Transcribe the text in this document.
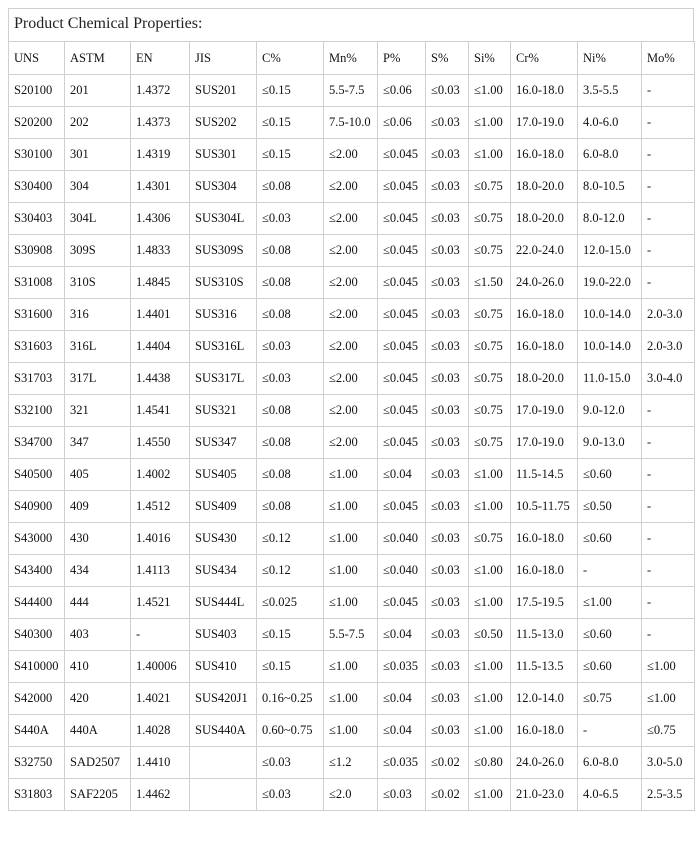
Product Chemical Properties:
UNS	ASTM	EN	JIS	C%	Mn%	P%	S%	Si%	Cr%	Ni%	Mo%
S20100	201	1.4372	SUS201	≤0.15	5.5-7.5	≤0.06	≤0.03	≤1.00	16.0-18.0	3.5-5.5	-
S20200	202	1.4373	SUS202	≤0.15	7.5-10.0	≤0.06	≤0.03	≤1.00	17.0-19.0	4.0-6.0	-
S30100	301	1.4319	SUS301	≤0.15	≤2.00	≤0.045	≤0.03	≤1.00	16.0-18.0	6.0-8.0	-
S30400	304	1.4301	SUS304	≤0.08	≤2.00	≤0.045	≤0.03	≤0.75	18.0-20.0	8.0-10.5	-
S30403	304L	1.4306	SUS304L	≤0.03	≤2.00	≤0.045	≤0.03	≤0.75	18.0-20.0	8.0-12.0	-
S30908	309S	1.4833	SUS309S	≤0.08	≤2.00	≤0.045	≤0.03	≤0.75	22.0-24.0	12.0-15.0	-
S31008	310S	1.4845	SUS310S	≤0.08	≤2.00	≤0.045	≤0.03	≤1.50	24.0-26.0	19.0-22.0	-
S31600	316	1.4401	SUS316	≤0.08	≤2.00	≤0.045	≤0.03	≤0.75	16.0-18.0	10.0-14.0	2.0-3.0
S31603	316L	1.4404	SUS316L	≤0.03	≤2.00	≤0.045	≤0.03	≤0.75	16.0-18.0	10.0-14.0	2.0-3.0
S31703	317L	1.4438	SUS317L	≤0.03	≤2.00	≤0.045	≤0.03	≤0.75	18.0-20.0	11.0-15.0	3.0-4.0
S32100	321	1.4541	SUS321	≤0.08	≤2.00	≤0.045	≤0.03	≤0.75	17.0-19.0	9.0-12.0	-
S34700	347	1.4550	SUS347	≤0.08	≤2.00	≤0.045	≤0.03	≤0.75	17.0-19.0	9.0-13.0	-
S40500	405	1.4002	SUS405	≤0.08	≤1.00	≤0.04	≤0.03	≤1.00	11.5-14.5	≤0.60	-
S40900	409	1.4512	SUS409	≤0.08	≤1.00	≤0.045	≤0.03	≤1.00	10.5-11.75	≤0.50	-
S43000	430	1.4016	SUS430	≤0.12	≤1.00	≤0.040	≤0.03	≤0.75	16.0-18.0	≤0.60	-
S43400	434	1.4113	SUS434	≤0.12	≤1.00	≤0.040	≤0.03	≤1.00	16.0-18.0	-	-
S44400	444	1.4521	SUS444L	≤0.025	≤1.00	≤0.045	≤0.03	≤1.00	17.5-19.5	≤1.00	-
S40300	403	-	SUS403	≤0.15	5.5-7.5	≤0.04	≤0.03	≤0.50	11.5-13.0	≤0.60	-
S410000	410	1.40006	SUS410	≤0.15	≤1.00	≤0.035	≤0.03	≤1.00	11.5-13.5	≤0.60	≤1.00
S42000	420	1.4021	SUS420J1	0.16~0.25	≤1.00	≤0.04	≤0.03	≤1.00	12.0-14.0	≤0.75	≤1.00
S440A	440A	1.4028	SUS440A	0.60~0.75	≤1.00	≤0.04	≤0.03	≤1.00	16.0-18.0	-	≤0.75
S32750	SAD2507	1.4410		≤0.03	≤1.2	≤0.035	≤0.02	≤0.80	24.0-26.0	6.0-8.0	3.0-5.0
S31803	SAF2205	1.4462		≤0.03	≤2.0	≤0.03	≤0.02	≤1.00	21.0-23.0	4.0-6.5	2.5-3.5
